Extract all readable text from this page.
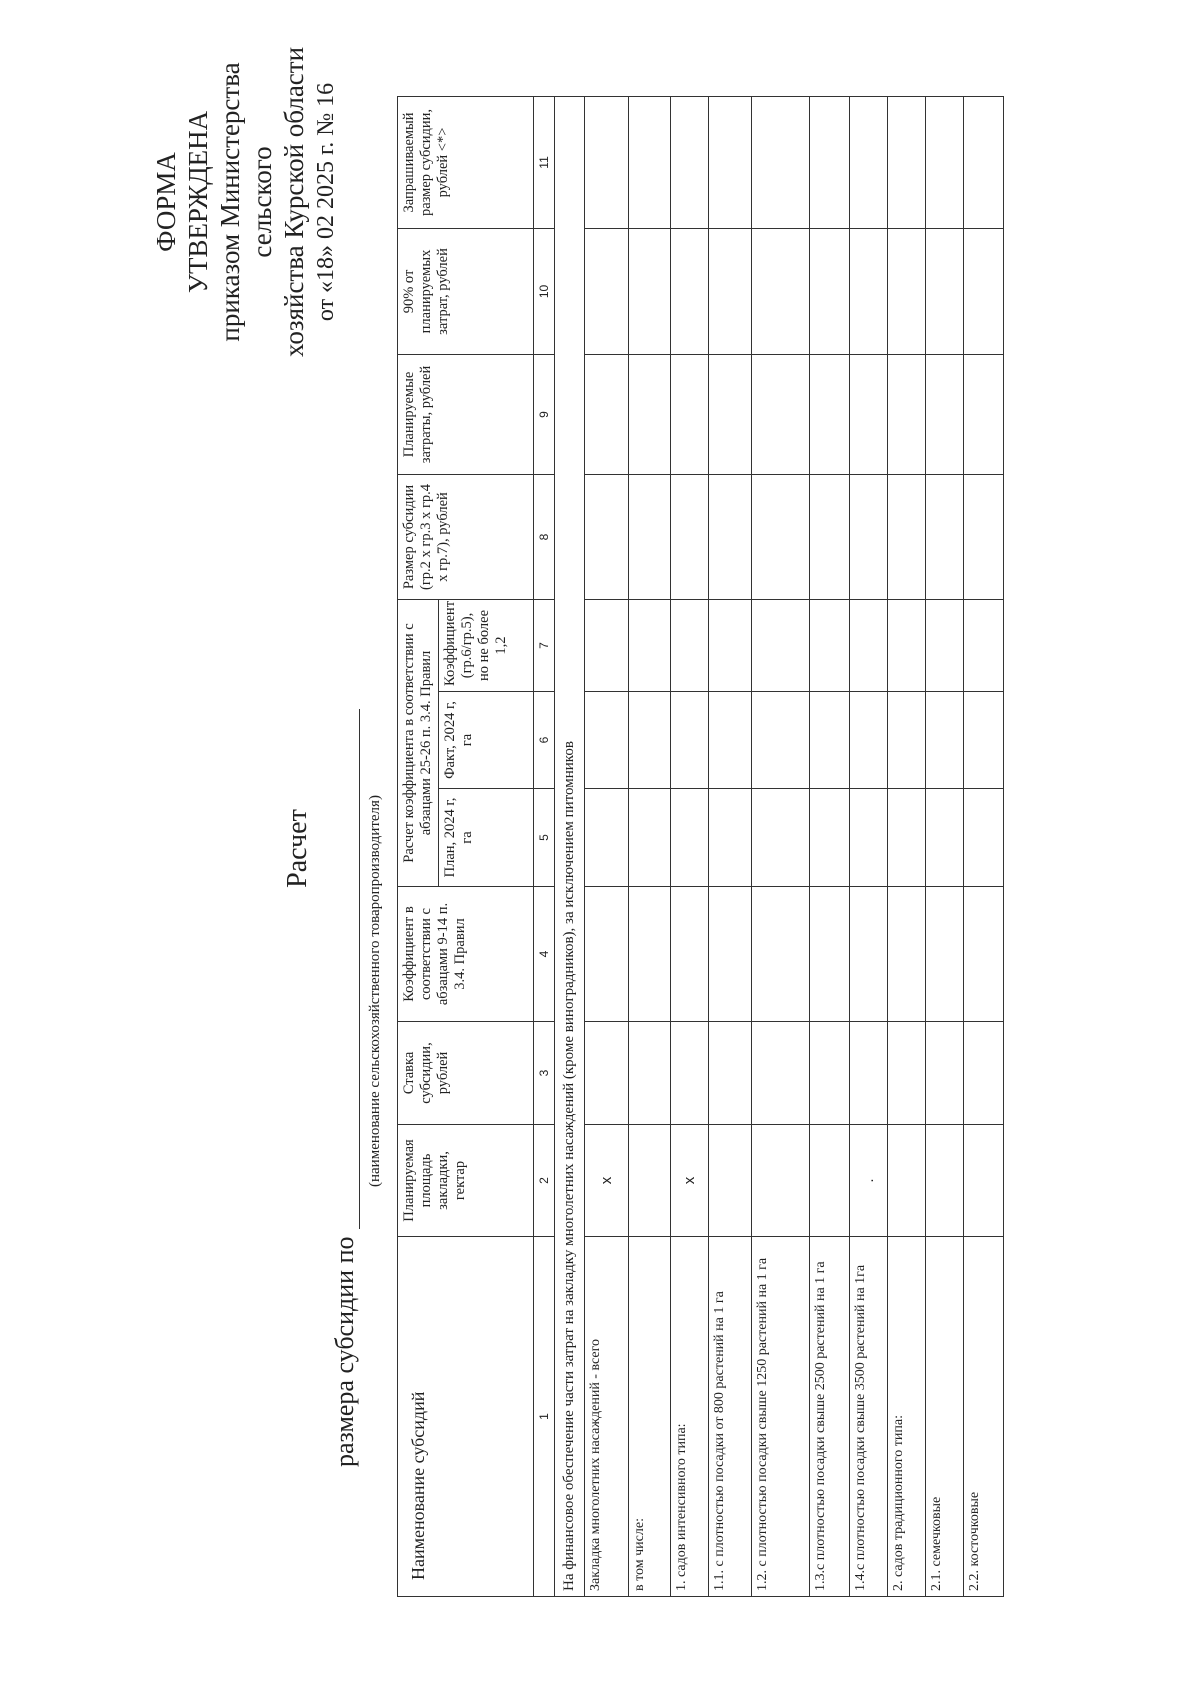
ФОРМА УТВЕРЖДЕНА приказом Министерства сельского хозяйства Курской области от «18» 02 2025 г. № 16
Расчет
размера субсидии по
(наименование сельскохозяйственного товаропроизводителя)
Наименование субсидий	Планируемая площадь закладки, гектар	Ставка субсидии, рублей	Коэффициент в соответствии с абзацами 9-14 п. 3.4. Правил	Расчет коэффициента в соответствии с абзацами 25-26 п. 3.4. Правил			Размер субсидии (гр.2 х гр.3 х гр.4 х гр.7), рублей	Планируемые затраты, рублей	90% от планируемых затрат, рублей	Запрашиваемый размер субсидии, рублей <*>
				План, 2024 г, га	Факт, 2024 г, га	Коэффициент (гр.6/гр.5), но не более 1,2				
1	2	3	4	5	6	7	8	9	10	11
На финансовое обеспечение части затрат на закладку многолетних насаждений (кроме виноградников), за исключением питомников										
Закладка многолетних насаждений - всего	х									
в том числе:										
1. садов интенсивного типа:	х									
1.1. с плотностью посадки от 800 растений на 1 га										
1.2. с плотностью посадки свыше 1250 растений на 1 га										
1.3.с плотностью посадки свыше 2500 растений на 1 га										
1.4.с плотностью посадки свыше 3500 растений на 1га	.									
2. садов традиционного типа:										
2.1. семечковые										
2.2. косточковые										
